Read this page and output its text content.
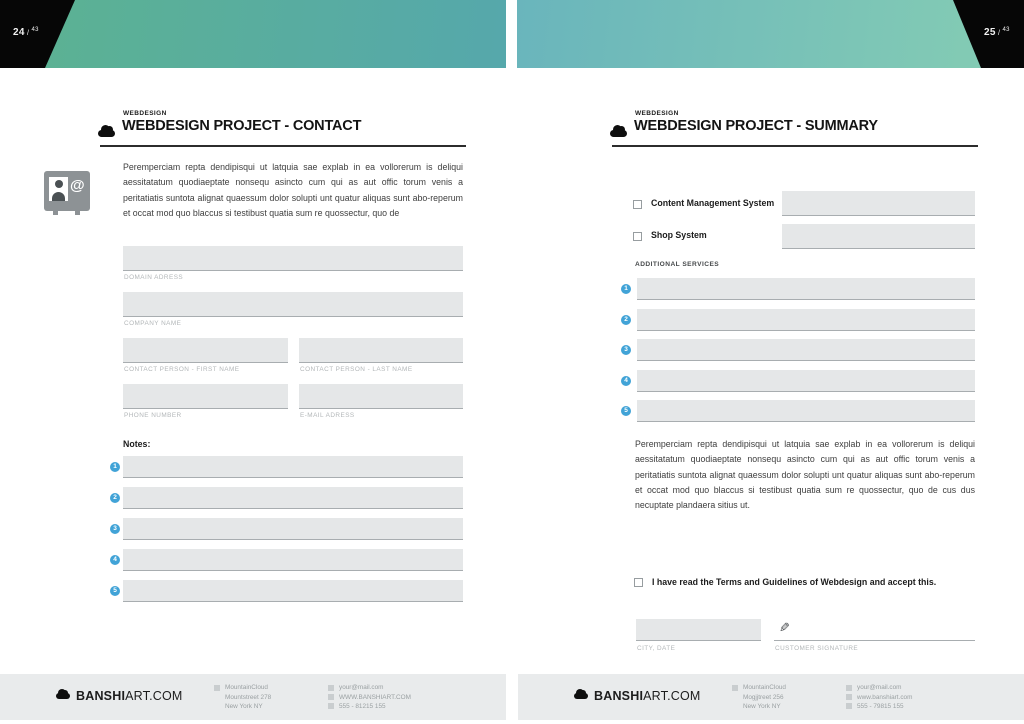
24 / $^{43}$	25 / $^{43}$
WEBDESIGN
WEBDESIGN PROJECT - CONTACT
@
Peremperciam repta dendipisqui ut latquia sae explab in ea vollorerum is deliqui aessitatatum quodiaeptate nonsequ asincto cum qui as aut offic torum venis a peritatiatis suntota alignat quaessum dolor solupti unt quatur aliquas sunt abo-reperum et occat mod quo blaccus si testibust quatia sum re quossectur, quo de
DOMAIN ADRESS
COMPANY NAME
CONTACT PERSON - FIRST NAME	CONTACT PERSON - LAST NAME
PHONE NUMBER	E-MAIL ADRESS
Notes:
1
2
3
4
5
WEBDESIGN
WEBDESIGN PROJECT - SUMMARY
Content Management System
Shop System
ADDITIONAL SERVICES
1
2
3
4
5
Peremperciam repta dendipisqui ut latquia sae explab in ea vollorerum is deliqui aessitatatum quodiaeptate nonsequ asincto cum qui as aut offic torum venis a peritatiatis suntota alignat quaessum dolor solupti unt quatur aliquas sunt abo-reperum et occat mod quo blaccus si testibust quatia sum re quossectur, quo de cus dus necuptate plandaera sitius ut.
I have read the Terms and Guidelines of Webdesign and accept this.
CITY, DATE
✎
CUSTOMER SIGNATURE
BANSHIART.COM
MountainCloud
Mountstreet 278
New York NY
your@mail.com
WWW.BANSHIART.COM
555 - 81215 155
BANSHIART.COM
MountainCloud
Mogjjtreet 256
New York NY
your@mail.com
www.banshiart.com
555 - 79815 155
